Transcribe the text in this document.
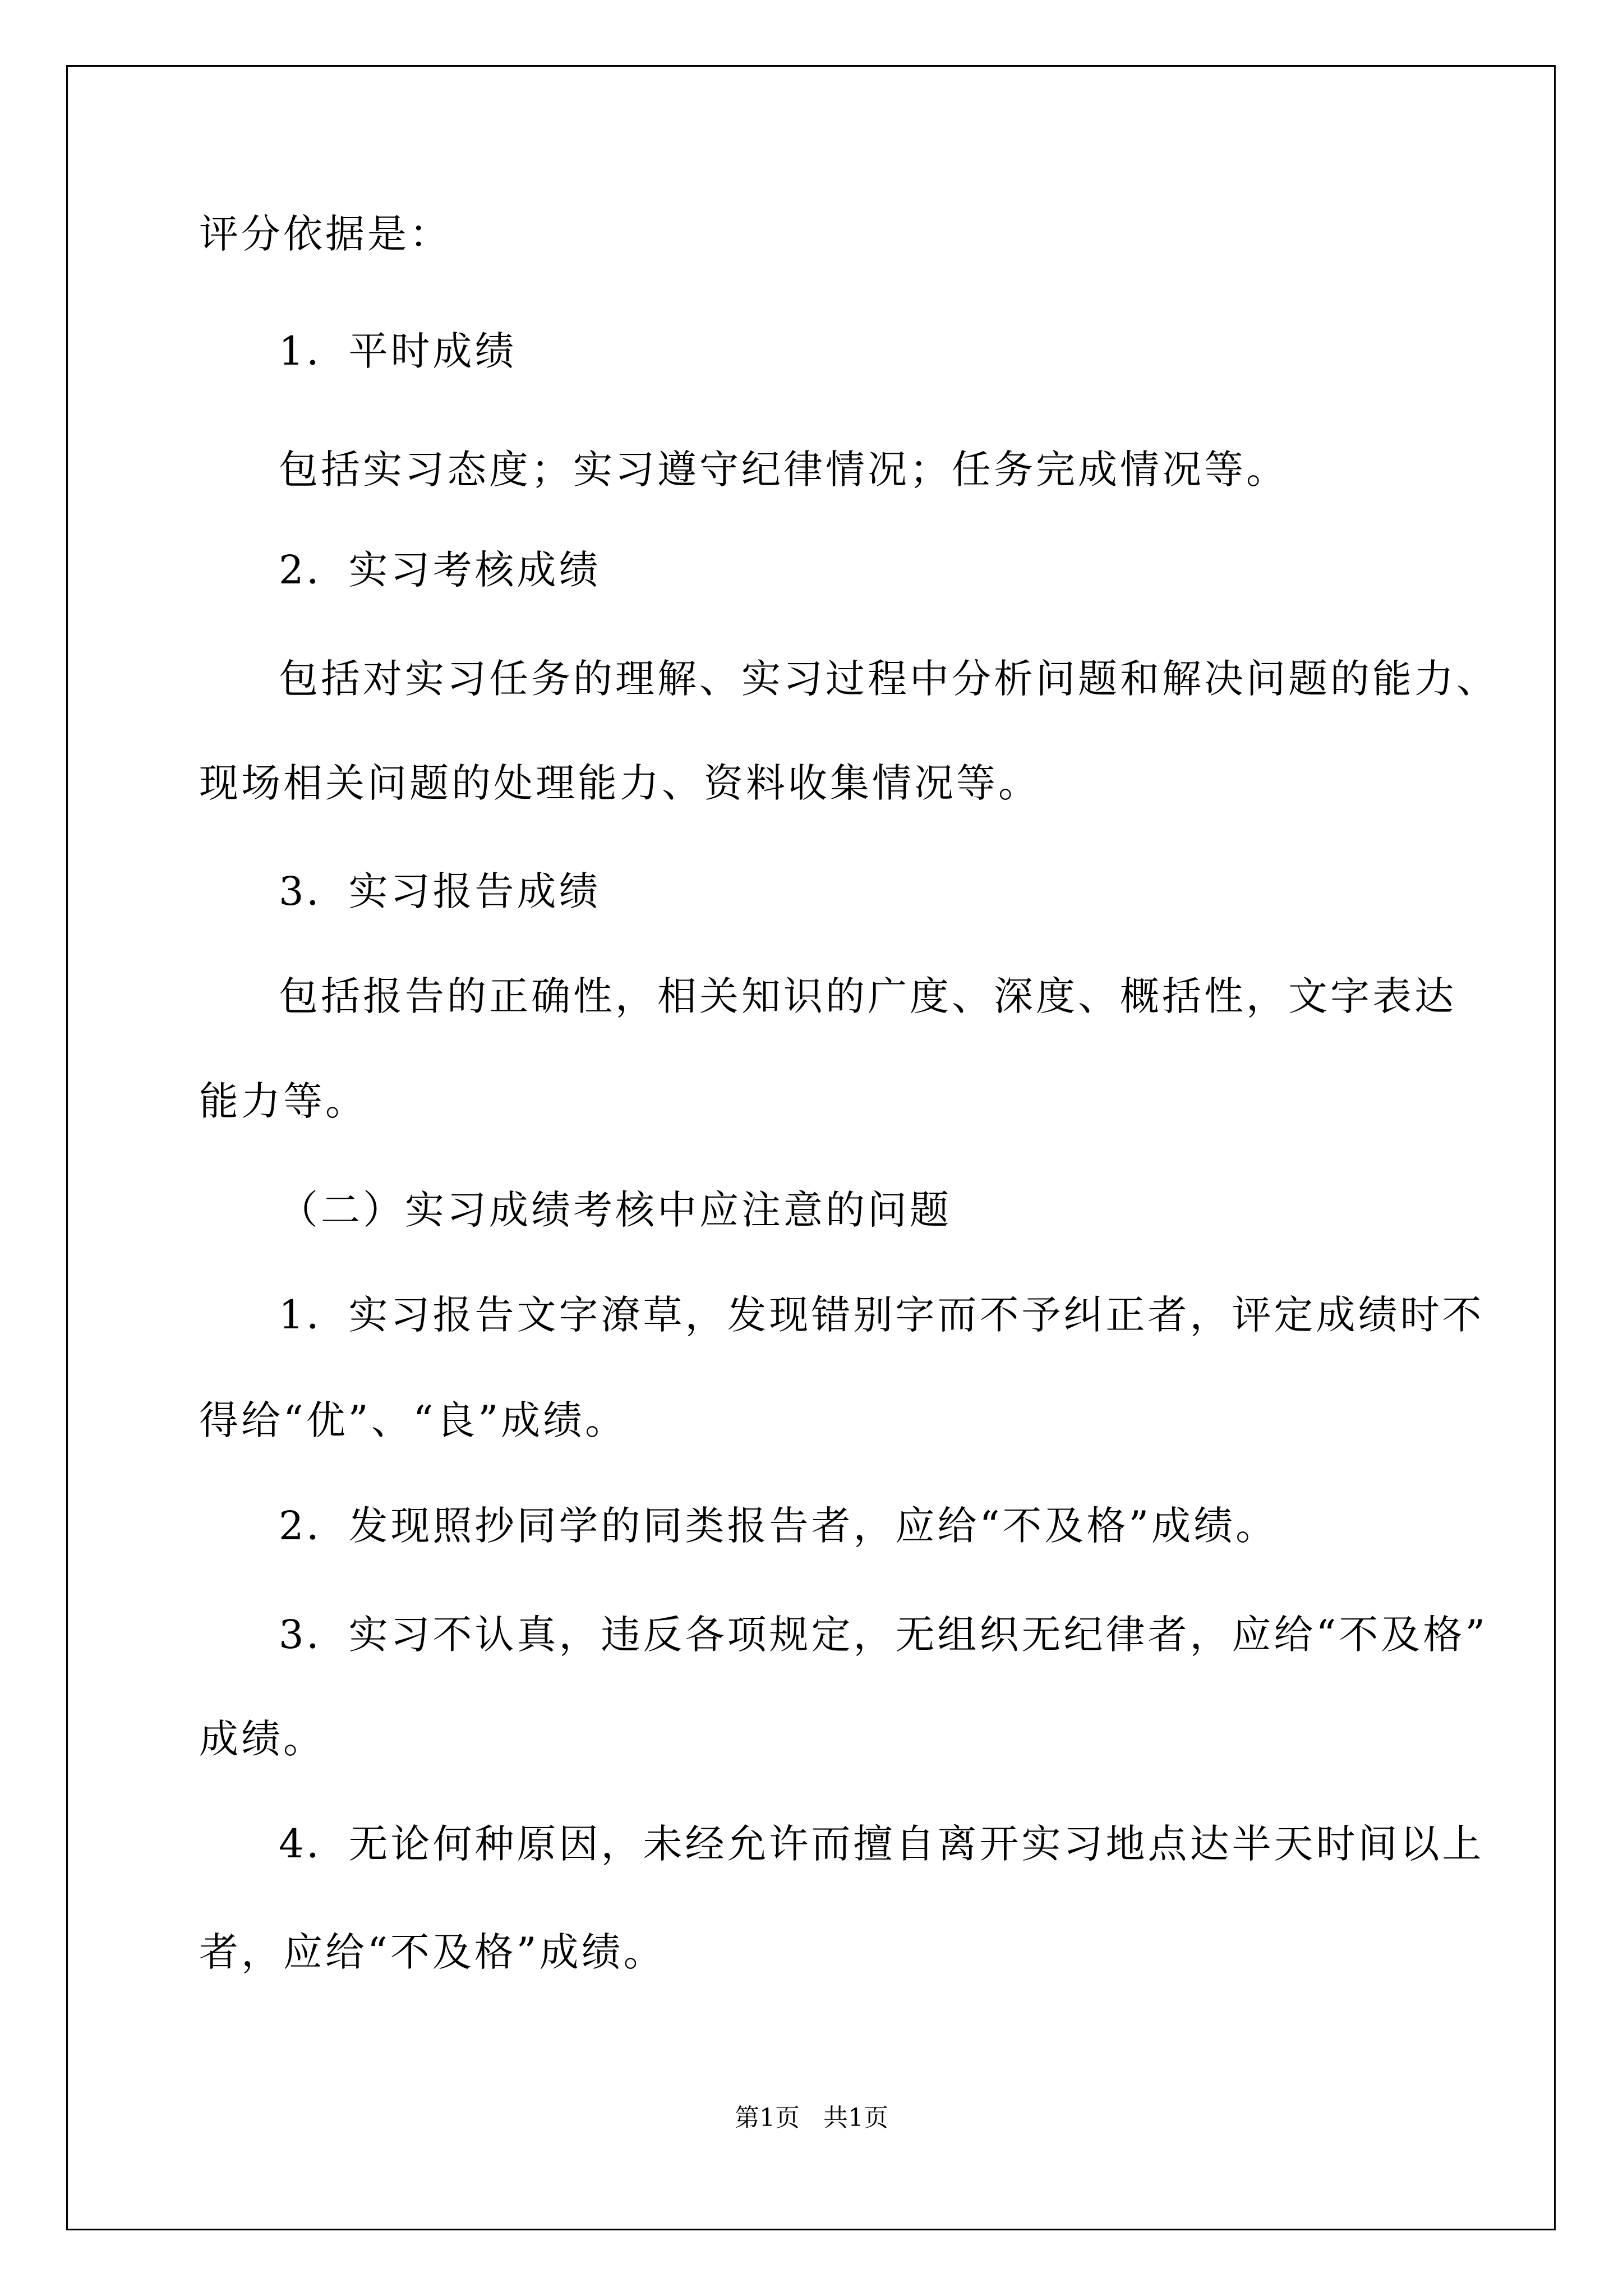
评分依据是：

1．平时成绩

包括实习态度；实习遵守纪律情况；任务完成情况等。

2．实习考核成绩

包括对实习任务的理解、实习过程中分析问题和解决问题的能力、

现场相关问题的处理能力、资料收集情况等。

3．实习报告成绩

包括报告的正确性，相关知识的广度、深度、概括性，文字表达

能力等。

（二）实习成绩考核中应注意的问题

1．实习报告文字潦草，发现错别字而不予纠正者，评定成绩时不

得给“优”、“良”成绩。

2．发现照抄同学的同类报告者，应给“不及格”成绩。

3．实习不认真，违反各项规定，无组织无纪律者，应给“不及格”

成绩。

4．无论何种原因，未经允许而擅自离开实习地点达半天时间以上

者，应给“不及格”成绩。

第1页   共1页
